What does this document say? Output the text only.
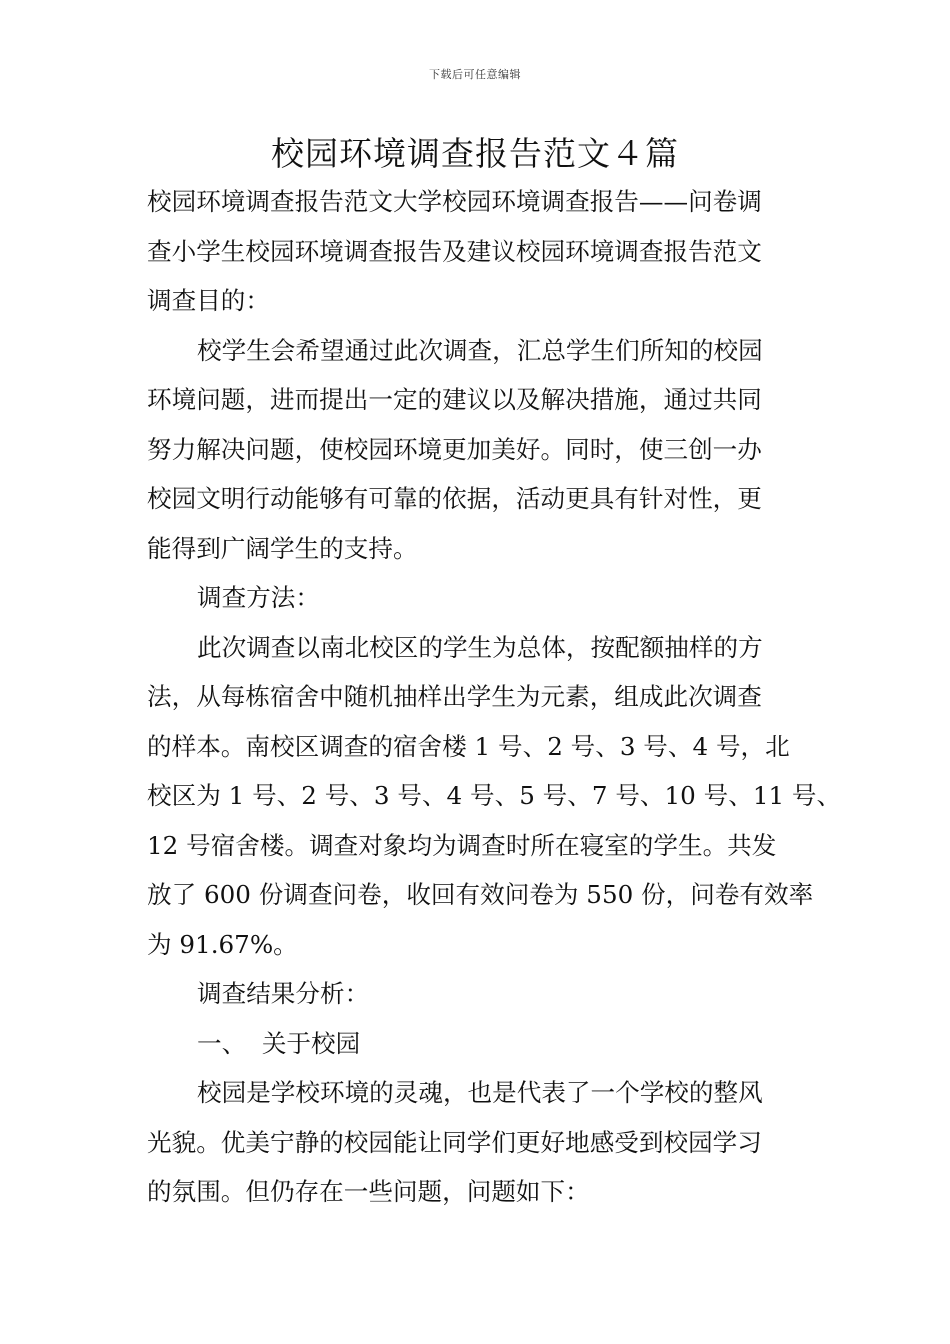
下载后可任意编辑
校园环境调查报告范文４篇

校园环境调查报告范文大学校园环境调查报告——问卷调
查小学生校园环境调查报告及建议校园环境调查报告范文
调查目的：

校学生会希望通过此次调查，汇总学生们所知的校园
环境问题，进而提出一定的建议以及解决措施，通过共同
努力解决问题，使校园环境更加美好。同时，使三创一办
校园文明行动能够有可靠的依据，活动更具有针对性，更
能得到广阔学生的支持。

调查方法：

此次调查以南北校区的学生为总体，按配额抽样的方
法，从每栋宿舍中随机抽样出学生为元素，组成此次调查
的样本。南校区调查的宿舍楼 1 号、2 号、3 号、4 号，北
校区为 1 号、2 号、3 号、4 号、5 号、7 号、10 号、11 号、
12 号宿舍楼。调查对象均为调查时所在寝室的学生。共发
放了 600 份调查问卷，收回有效问卷为 550 份，问卷有效率
为 91.67%。

调查结果分析：

一、  关于校园

校园是学校环境的灵魂，也是代表了一个学校的整风
光貌。优美宁静的校园能让同学们更好地感受到校园学习
的氛围。但仍存在一些问题，问题如下：
